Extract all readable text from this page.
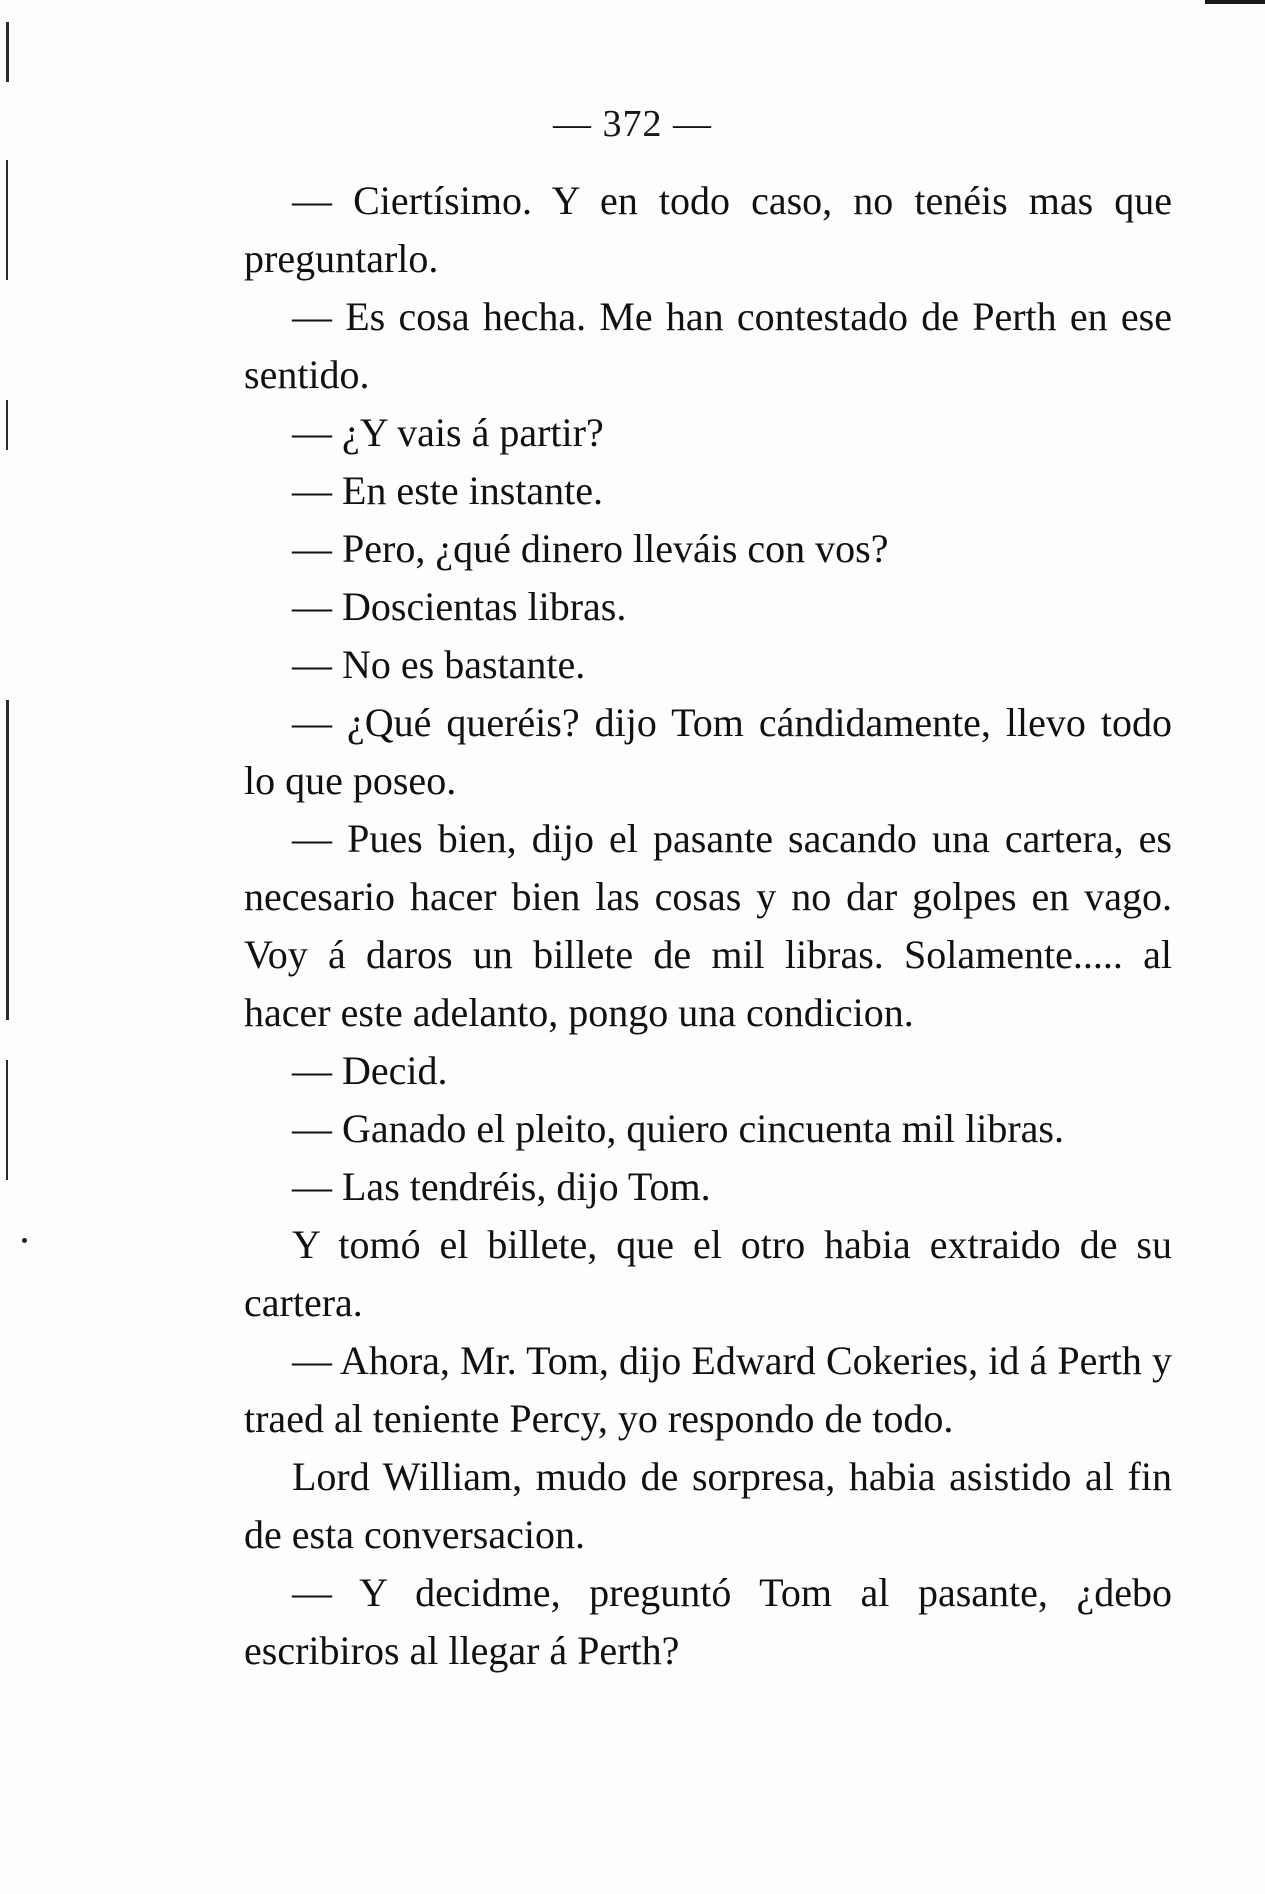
— 372 —

— Ciertísimo. Y en todo caso, no tenéis mas que preguntarlo.

— Es cosa hecha. Me han contestado de Perth en ese sentido.

— ¿Y vais á partir?

— En este instante.

— Pero, ¿qué dinero lleváis con vos?

— Doscientas libras.

— No es bastante.

— ¿Qué queréis? dijo Tom cándidamente, llevo todo lo que poseo.

— Pues bien, dijo el pasante sacando una cartera, es necesario hacer bien las cosas y no dar golpes en vago. Voy á daros un billete de mil libras. Solamente..... al hacer este adelanto, pongo una condicion.

— Decid.

— Ganado el pleito, quiero cincuenta mil libras.

— Las tendréis, dijo Tom.

Y tomó el billete, que el otro habia extraido de su cartera.

— Ahora, Mr. Tom, dijo Edward Cokeries, id á Perth y traed al teniente Percy, yo respondo de todo.

Lord William, mudo de sorpresa, habia asistido al fin de esta conversacion.

— Y decidme, preguntó Tom al pasante, ¿debo escribiros al llegar á Perth?
